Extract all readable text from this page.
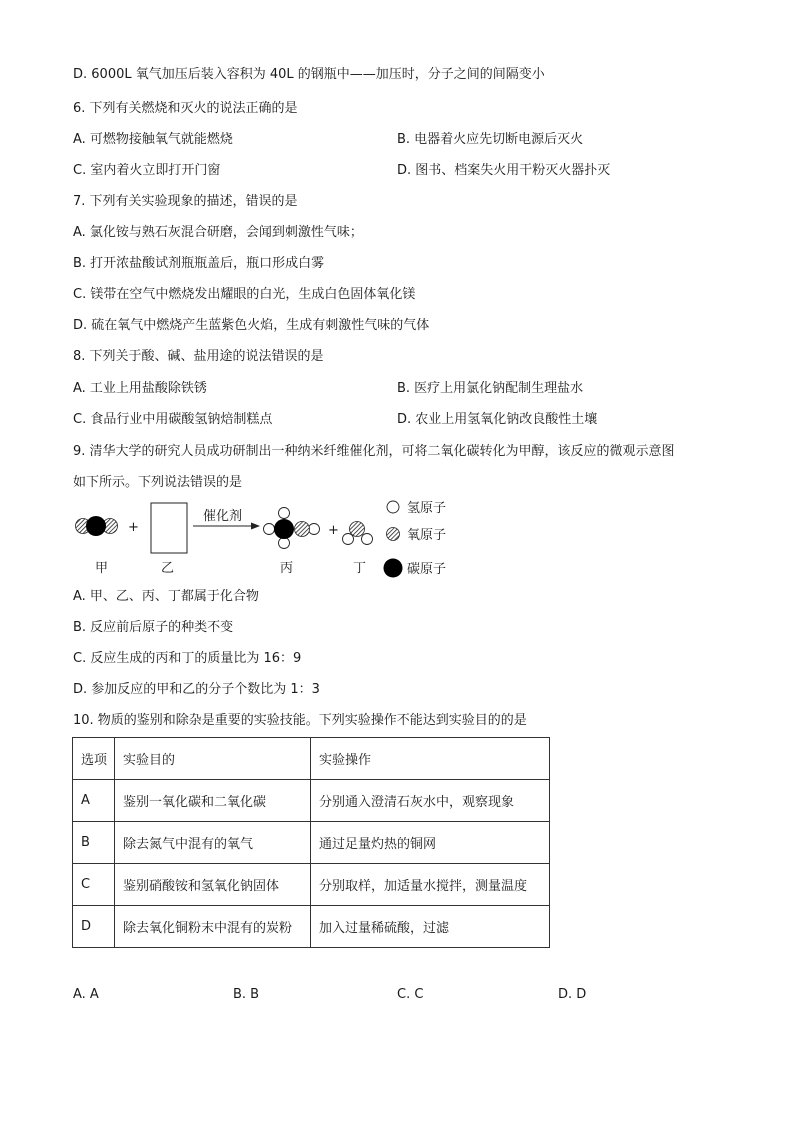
D. 6000L 氧气加压后装入容积为 40L 的钢瓶中——加压时，分子之间的间隔变小
6. 下列有关燃烧和灭火的说法正确的是
A. 可燃物接触氧气就能燃烧	B. 电器着火应先切断电源后灭火
C. 室内着火立即打开门窗	D. 图书、档案失火用干粉灭火器扑灭
7. 下列有关实验现象的描述，错误的是
A. 氯化铵与熟石灰混合研磨，会闻到刺激性气味；
B. 打开浓盐酸试剂瓶瓶盖后，瓶口形成白雾
C. 镁带在空气中燃烧发出耀眼的白光，生成白色固体氧化镁
D. 硫在氧气中燃烧产生蓝紫色火焰，生成有刺激性气味的气体
8. 下列关于酸、碱、盐用途的说法错误的是
A. 工业上用盐酸除铁锈	B. 医疗上用氯化钠配制生理盐水
C. 食品行业中用碳酸氢钠焙制糕点	D. 农业上用氢氧化钠改良酸性土壤
9. 清华大学的研究人员成功研制出一种纳米纤维催化剂，可将二氧化碳转化为甲醇，该反应的微观示意图
如下所示。下列说法错误的是
+
催化剂
+
甲	乙	丙	丁
氢原子
氧原子
碳原子
A. 甲、乙、丙、丁都属于化合物
B. 反应前后原子的种类不变
C. 反应生成的丙和丁的质量比为 16：9
D. 参加反应的甲和乙的分子个数比为 1：3
10. 物质的鉴别和除杂是重要的实验技能。下列实验操作不能达到实验目的的是
选项	实验目的	实验操作
A	鉴别一氧化碳和二氧化碳	分别通入澄清石灰水中，观察现象
B	除去氮气中混有的氧气	通过足量灼热的铜网
C	鉴别硝酸铵和氢氧化钠固体	分别取样，加适量水搅拌，测量温度
D	除去氧化铜粉末中混有的炭粉	加入过量稀硫酸，过滤
A. A	B. B	C. C	D. D
